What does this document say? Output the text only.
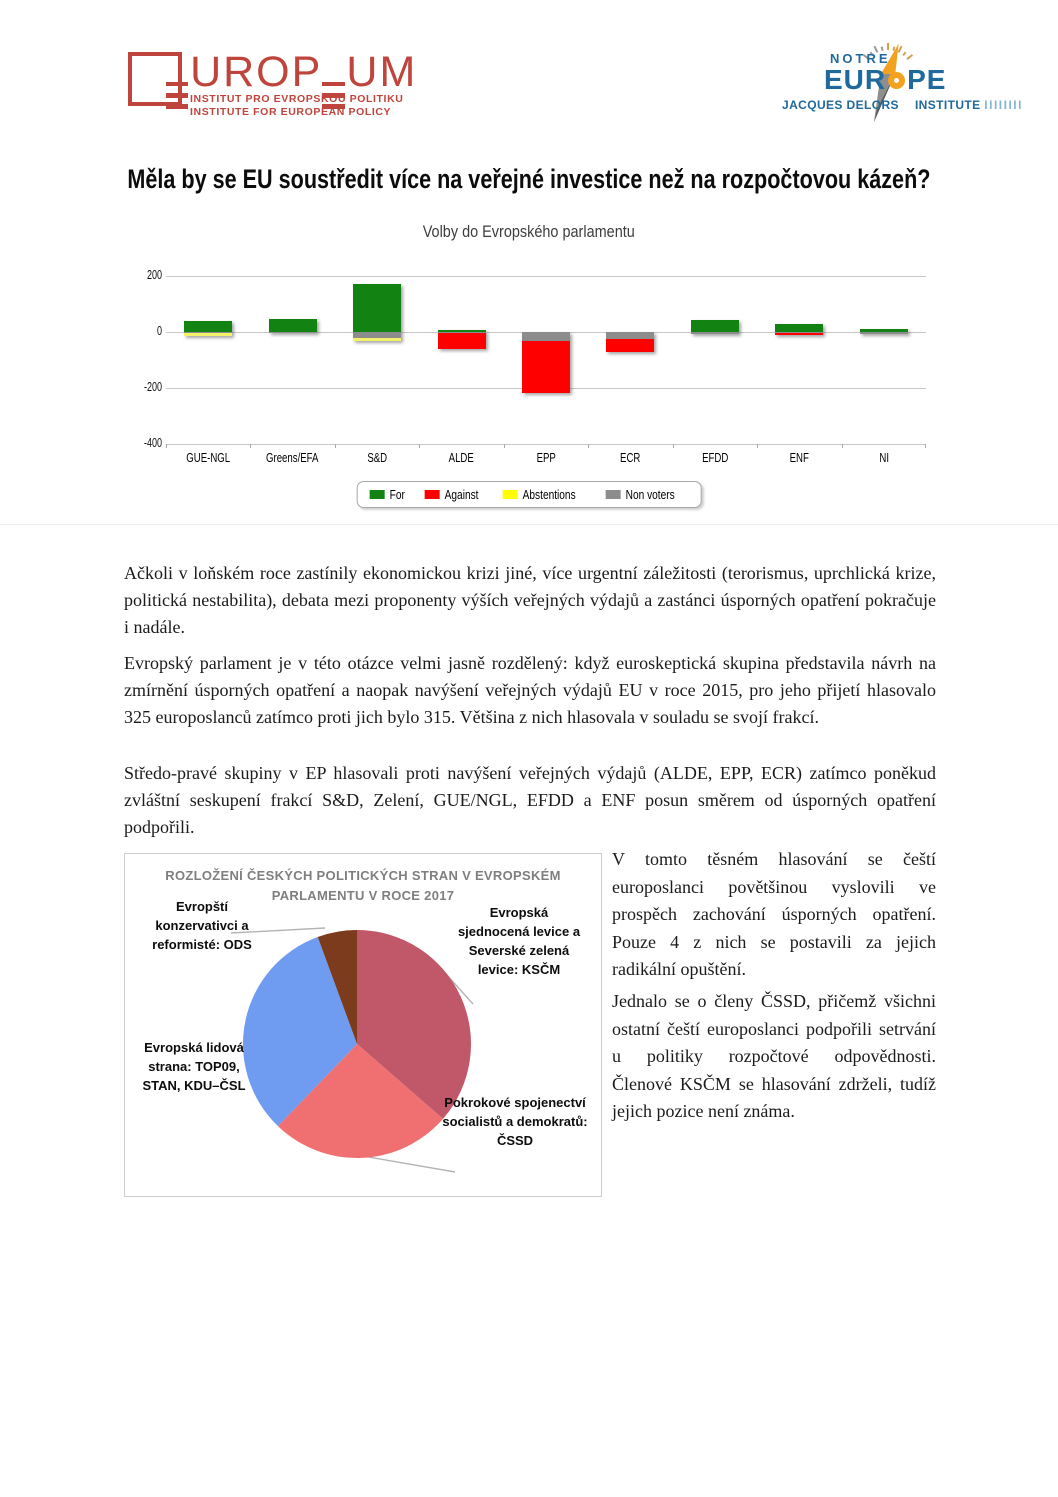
UROP UM
INSTITUT PRO EVROPSKOU POLITIKU
INSTITUTE FOR EUROPEAN POLICY
NOTRE
EUR PE
JACQUES DELORS INSTITUTE IIIIIIII
Měla by se EU soustředit více na veřejné investice než na rozpočtovou kázeň?
Volby do Evropského parlamentu
200
0
-200
-400
GUE-NGL	Greens/EFA	S&D	ALDE	EPP	ECR	EFDD	ENF	NI
For	Against	Abstentions	Non voters
Ačkoli v loňském roce zastínily ekonomickou krizi jiné, více urgentní záležitosti (terorismus, uprchlická krize, politická nestabilita), debata mezi proponenty výších veřejných výdajů a zastánci úsporných opatření pokračuje i nadále.
Evropský parlament je v této otázce velmi jasně rozdělený: když euroskeptická skupina představila návrh na zmírnění úsporných opatření a naopak navýšení veřejných výdajů EU v roce 2015, pro jeho přijetí hlasovalo 325 europoslanců zatímco proti jich bylo 315. Většina z nich hlasovala v souladu se svojí frakcí.
Středo-pravé skupiny v EP hlasovali proti navýšení veřejných výdajů (ALDE, EPP, ECR) zatímco poněkud zvláštní seskupení frakcí S&D, Zelení, GUE/NGL, EFDD a ENF posun směrem od úsporných opatření podpořili.
ROZLOŽENÍ ČESKÝCH POLITICKÝCH STRAN V EVROPSKÉM PARLAMENTU V ROCE 2017
Evropská sjednocená levice a Severské zelená levice: KSČM
Evropští konzervativci a reformisté: ODS
Evropská lidová strana: TOP09, STAN, KDU–ČSL
Pokrokové spojenectví socialistů a demokratů: ČSSD
V tomto těsném hlasování se čeští europoslanci povětšinou vyslovili ve prospěch zachování úsporných opatření. Pouze 4 z nich se postavili za jejich radikální opuštění.
Jednalo se o členy ČSSD, přičemž všichni ostatní čeští europoslanci podpořili setrvání u politiky rozpočtové odpovědnosti. Členové KSČM se hlasování zdrželi, tudíž jejich pozice není známa.
